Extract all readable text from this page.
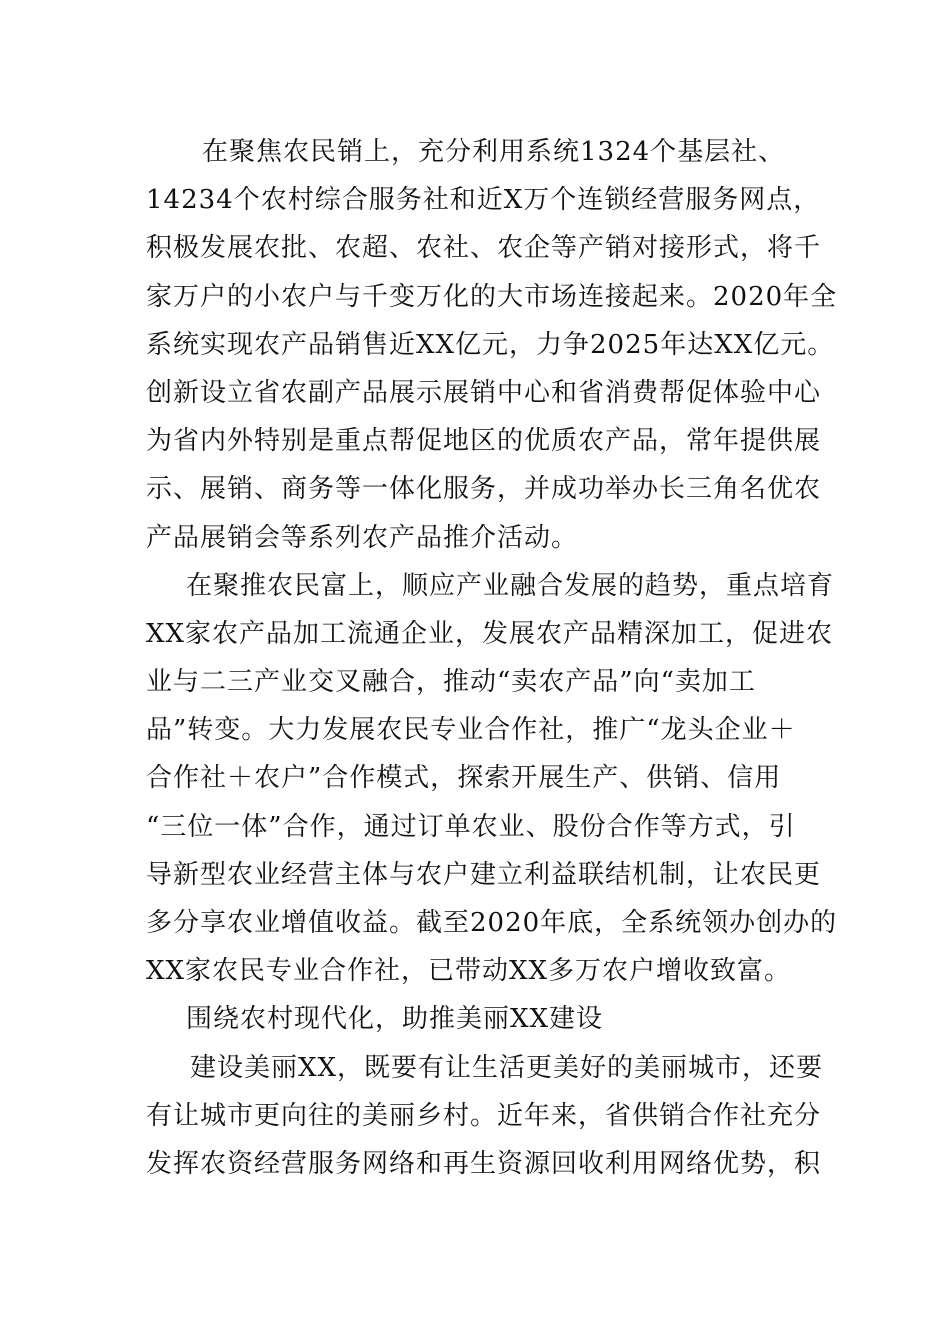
在聚焦农民销上，充分利用系统1324个基层社、
14234个农村综合服务社和近X万个连锁经营服务网点，
积极发展农批、农超、农社、农企等产销对接形式，将千
家万户的小农户与千变万化的大市场连接起来。2020年全
系统实现农产品销售近XX亿元，力争2025年达XX亿元。
创新设立省农副产品展示展销中心和省消费帮促体验中心
为省内外特别是重点帮促地区的优质农产品，常年提供展
示、展销、商务等一体化服务，并成功举办长三角名优农
产品展销会等系列农产品推介活动。
在聚推农民富上，顺应产业融合发展的趋势，重点培育
XX家农产品加工流通企业，发展农产品精深加工，促进农
业与二三产业交叉融合，推动“卖农产品”向“卖加工
品”转变。大力发展农民专业合作社，推广“龙头企业＋
合作社＋农户”合作模式，探索开展生产、供销、信用
“三位一体”合作，通过订单农业、股份合作等方式，引
导新型农业经营主体与农户建立利益联结机制，让农民更
多分享农业增值收益。截至2020年底，全系统领办创办的
XX家农民专业合作社，已带动XX多万农户增收致富。
围绕农村现代化，助推美丽XX建设
建设美丽XX，既要有让生活更美好的美丽城市，还要
有让城市更向往的美丽乡村。近年来，省供销合作社充分
发挥农资经营服务网络和再生资源回收利用网络优势，积
